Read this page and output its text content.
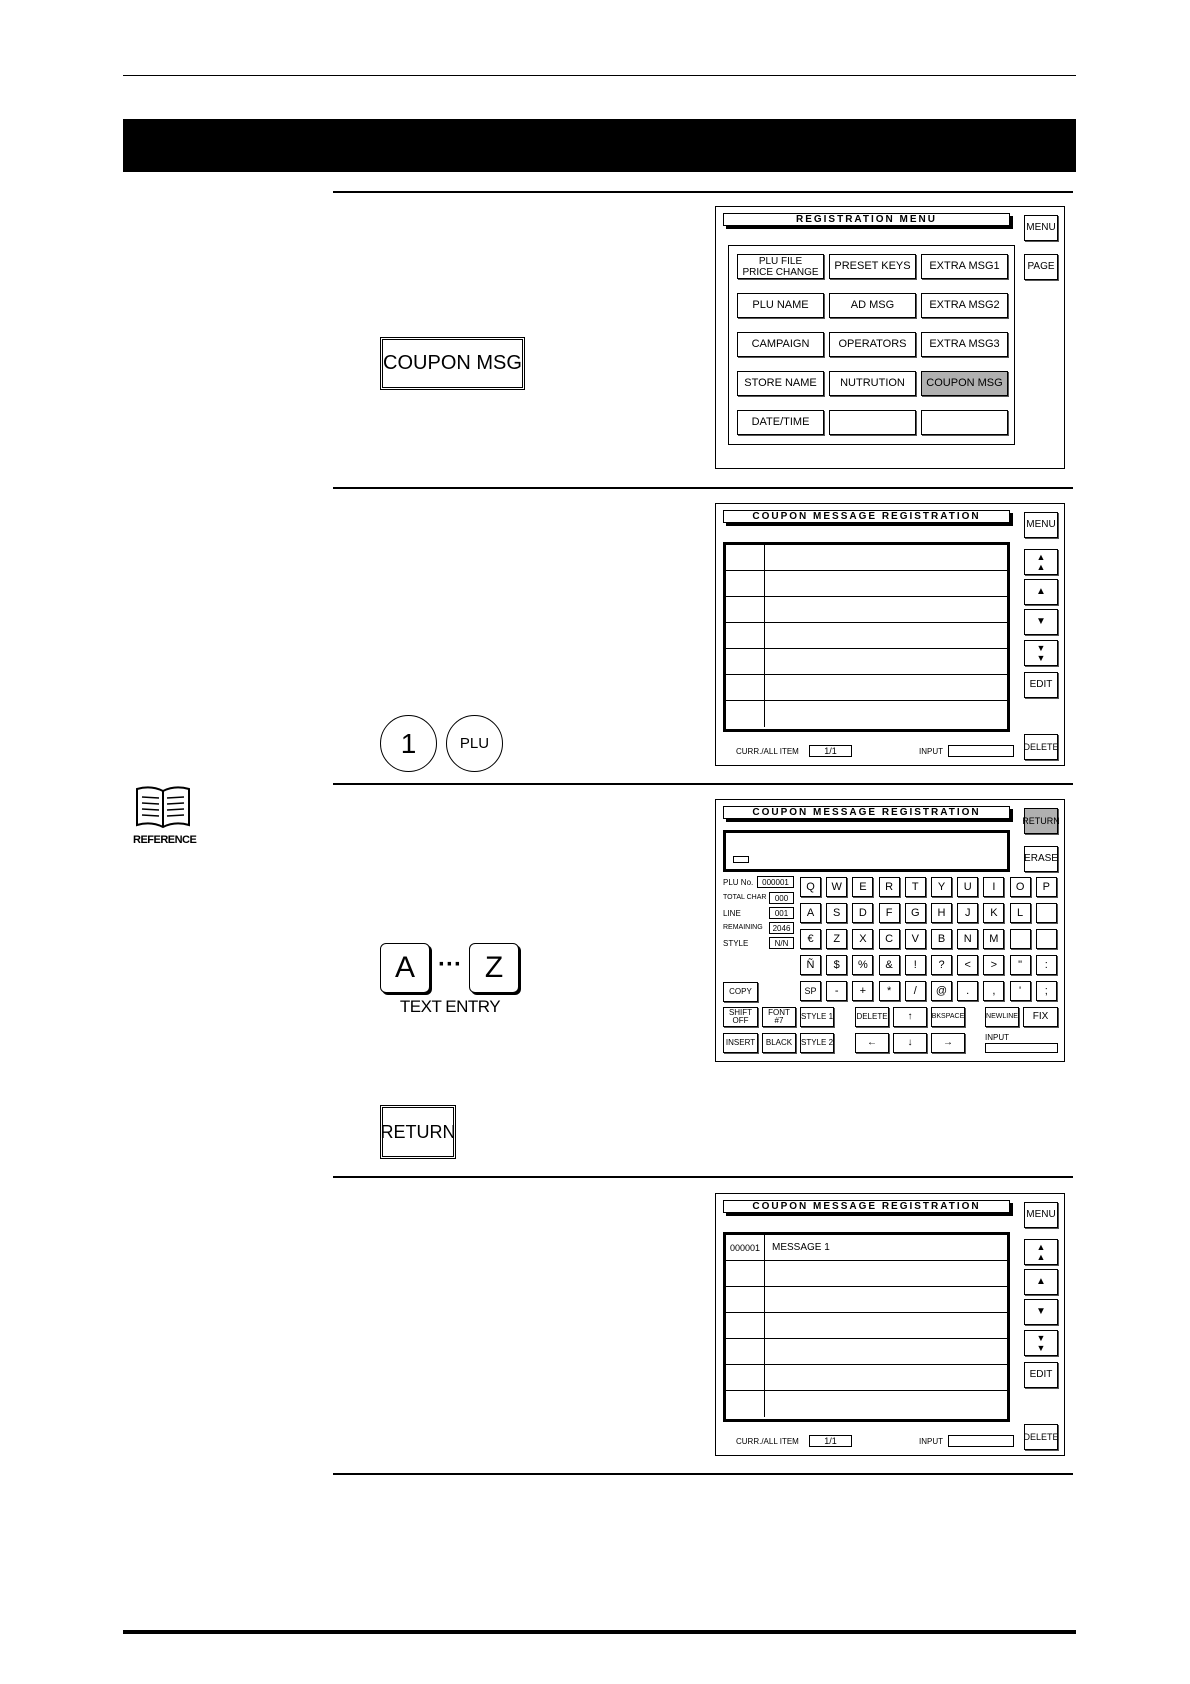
REFERENCE
COUPON MSG
REGISTRATION MENU
MENU
PAGE
PLU FILE
PRICE CHANGE	PRESET KEYS	EXTRA MSG1
PLU NAME	AD MSG	EXTRA MSG2
CAMPAIGN	OPERATORS	EXTRA MSG3
STORE NAME	NUTRUTION	COUPON MSG
DATE/TIME
1	PLU
COUPON MESSAGE REGISTRATION
MENU
▲
▲
▲
▼
▼
▼
EDIT
DELETE
CURR./ALL ITEM	1/1	INPUT
A ··· Z
TEXT ENTRY
RETURN
COUPON MESSAGE REGISTRATION
RETURN
ERASE
PLU No.	000001
TOTAL CHAR	000
LINE	001
REMAINING	2046
STYLE	N/N
Q	W	E	R	T	Y	U	I	O	P
A	S	D	F	G	H	J	K	L
€	Z	X	C	V	B	N	M
Ñ	$	%	&	!	?	<	>	"	:
SP	-	+	*	/	@	.	,	'	;
COPY
SHIFT
OFF
FONT
#7	STYLE 1	DELETE	↑	BKSPACE	NEWLINE	FIX
INSERT	BLACK	STYLE 2	←	↓	→	INPUT
COUPON MESSAGE REGISTRATION
MENU
000001 MESSAGE 1	▲
▲
▲
▼
▼
▼
EDIT
DELETE
CURR./ALL ITEM	1/1	INPUT
